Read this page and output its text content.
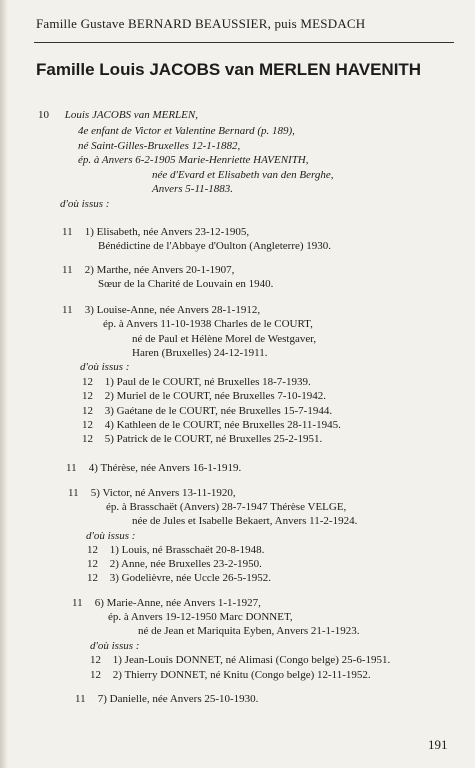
Famille Gustave BERNARD BEAUSSIER, puis MESDACH
Famille Louis JACOBS van MERLEN HAVENITH
10 Louis JACOBS van MERLEN,
4e enfant de Victor et Valentine Bernard (p. 189),
né Saint-Gilles-Bruxelles 12-1-1882,
ép. à Anvers 6-2-1905 Marie-Henriette HAVENITH,
née d'Evard et Elisabeth van den Berghe,
Anvers 5-11-1883.
d'où issus :
11 1) Elisabeth, née Anvers 23-12-1905,
Bénédictine de l'Abbaye d'Oulton (Angleterre) 1930.
11 2) Marthe, née Anvers 20-1-1907,
Sœur de la Charité de Louvain en 1940.
11 3) Louise-Anne, née Anvers 28-1-1912,
ép. à Anvers 11-10-1938 Charles de le COURT,
né de Paul et Hélène Morel de Westgaver,
Haren (Bruxelles) 24-12-1911.
d'où issus :
12 1) Paul de le COURT, né Bruxelles 18-7-1939.
12 2) Muriel de le COURT, née Bruxelles 7-10-1942.
12 3) Gaétane de le COURT, née Bruxelles 15-7-1944.
12 4) Kathleen de le COURT, née Bruxelles 28-11-1945.
12 5) Patrick de le COURT, né Bruxelles 25-2-1951.
11 4) Thérèse, née Anvers 16-1-1919.
11 5) Victor, né Anvers 13-11-1920,
ép. à Brasschaët (Anvers) 28-7-1947 Thérèse VELGE,
née de Jules et Isabelle Bekaert, Anvers 11-2-1924.
d'où issus :
12 1) Louis, né Brasschaët 20-8-1948.
12 2) Anne, née Bruxelles 23-2-1950.
12 3) Godelièvre, née Uccle 26-5-1952.
11 6) Marie-Anne, née Anvers 1-1-1927,
ép. à Anvers 19-12-1950 Marc DONNET,
né de Jean et Mariquita Eyben, Anvers 21-1-1923.
d'où issus :
12 1) Jean-Louis DONNET, né Alimasi (Congo belge) 25-6-1951.
12 2) Thierry DONNET, né Knitu (Congo belge) 12-11-1952.
11 7) Danielle, née Anvers 25-10-1930.
191
